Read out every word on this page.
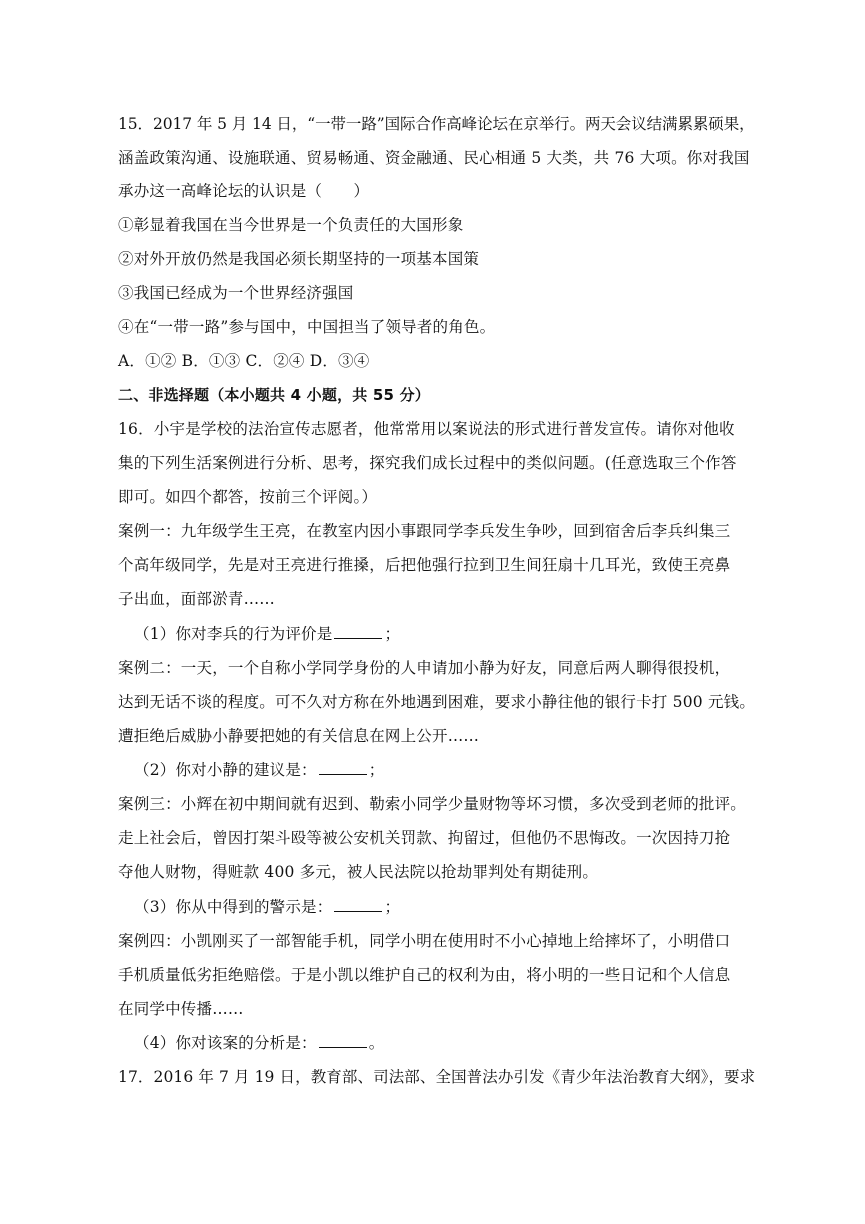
15．2017 年 5 月 14 日，“一带一路”国际合作高峰论坛在京举行。两天会议结满累累硕果，
涵盖政策沟通、设施联通、贸易畅通、资金融通、民心相通 5 大类，共 76 大项。你对我国
承办这一高峰论坛的认识是（　　）
①彰显着我国在当今世界是一个负责任的大国形象
②对外开放仍然是我国必须长期坚持的一项基本国策
③我国已经成为一个世界经济强国
④在“一带一路”参与国中，中国担当了领导者的角色。
A．①② B．①③ C．②④ D．③④
二、非选择题（本小题共 4 小题，共 55 分）
16．小宇是学校的法治宣传志愿者，他常常用以案说法的形式进行普发宣传。请你对他收
集的下列生活案例进行分析、思考，探究我们成长过程中的类似问题。(任意选取三个作答
即可。如四个都答，按前三个评阅。）
案例一：九年级学生王亮，在教室内因小事跟同学李兵发生争吵，回到宿舍后李兵纠集三
个高年级同学，先是对王亮进行推搡，后把他强行拉到卫生间狂扇十几耳光，致使王亮鼻
子出血，面部淤青……
（1）你对李兵的行为评价是	；
案例二：一天，一个自称小学同学身份的人申请加小静为好友，同意后两人聊得很投机，
达到无话不谈的程度。可不久对方称在外地遇到困难，要求小静往他的银行卡打 500 元钱。
遭拒绝后威胁小静要把她的有关信息在网上公开……
（2）你对小静的建议是：	；
案例三：小辉在初中期间就有迟到、勒索小同学少量财物等坏习惯，多次受到老师的批评。
走上社会后，曾因打架斗殴等被公安机关罚款、拘留过，但他仍不思悔改。一次因持刀抢
夺他人财物，得赃款 400 多元，被人民法院以抢劫罪判处有期徒刑。
（3）你从中得到的警示是：	；
案例四：小凯刚买了一部智能手机，同学小明在使用时不小心掉地上给摔坏了，小明借口
手机质量低劣拒绝赔偿。于是小凯以维护自己的权利为由，将小明的一些日记和个人信息
在同学中传播……
（4）你对该案的分析是：	。
17．2016 年 7 月 19 日，教育部、司法部、全国普法办引发《青少年法治教育大纲》，要求
